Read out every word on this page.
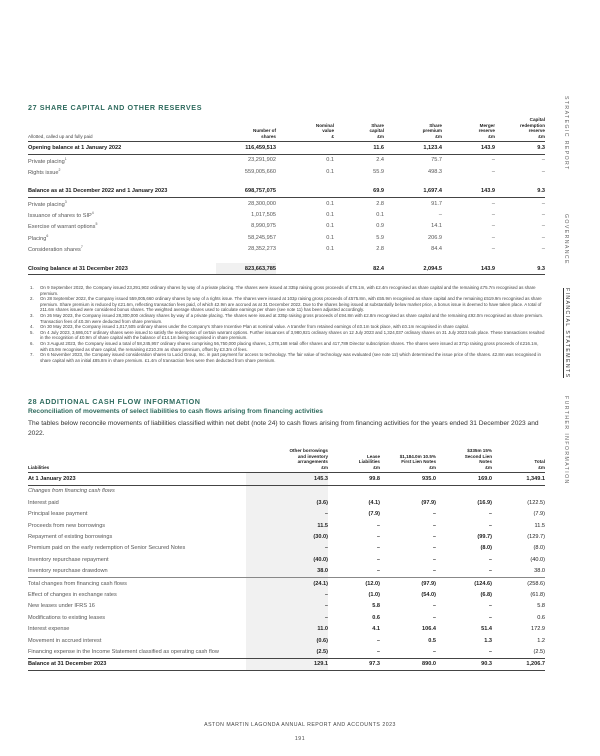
27 SHARE CAPITAL AND OTHER RESERVES
Allotted, called up and fully paid	Number of
shares	Nominal
value
£	Share
capital
£m	Share
premium
£m	Merger
reserve
£m	Capital
redemption
reserve
£m
Opening balance at 1 January 2022	116,459,513		11.6	1,123.4	143.9	9.3
Private placing$^1$	23,291,902	0.1	2.4	75.7	–	–
Rights issue$^2$	559,005,660	0.1	55.9	498.3	–	–

Balance as at 31 December 2022 and 1 January 2023	698,757,075		69.9	1,697.4	143.9	9.3
Private placing$^3$	28,300,000	0.1	2.8	91.7	–	–
Issuance of shares to SIP$^4$	1,017,505	0.1	0.1	–	–	–
Exercise of warrant options$^5$	8,990,975	0.1	0.9	14.1	–	–
Placing$^6$	58,245,957	0.1	5.9	206.9	–	–
Consideration shares$^7$	28,352,273	0.1	2.8	84.4	–	–

Closing balance at 31 December 2023	823,663,785		82.4	2,094.5	143.9	9.3
1.	On 9 September 2022, the Company issued 23,291,902 ordinary shares by way of a private placing. The shares were issued at 335p raising gross proceeds of £78.1m, with £2.4m recognised as share capital and the remaining £75.7m recognised as share premium.
2.	On 28 September 2022, the Company issued 559,005,660 ordinary shares by way of a rights issue. The shares were issued at 103p raising gross proceeds of £575.8m, with £55.9m recognised as share capital and the remaining £519.9m recognised as share premium. Share premium is reduced by £21.6m, reflecting transaction fees paid, of which £2.9m are accrued as at 31 December 2022. Due to the shares being issued at substantially below market price, a bonus issue is deemed to have taken place. A total of 211.6m shares issued were considered bonus shares. The weighted average shares used to calculate earnings per share (see note 11) has been adjusted accordingly.
3.	On 26 May 2023, the Company issued 28,300,000 ordinary shares by way of a private placing. The shares were issued at 335p raising gross proceeds of £94.8m with £2.8m recognised as share capital and the remaining £92.0m recognised as share premium. Transaction fees of £0.3m were deducted from share premium.
4.	On 30 May 2023, the Company issued 1,017,505 ordinary shares under the Company's Share Incentive Plan at nominal value. A transfer from retained earnings of £0.1m took place, with £0.1m recognised in share capital.
5.	On 4 July 2023, 3,686,017 ordinary shares were issued to satisfy the redemption of certain warrant options. Further issuances of 3,980,921 ordinary shares on 12 July 2023 and 1,324,037 ordinary shares on 31 July 2023 took place. These transactions resulted in the recognition of £0.9m of share capital with the balance of £14.1m being recognised in share premium.
6.	On 3 August 2023, the Company issued a total of 58,245,957 ordinary shares comprising 56,750,000 placing shares, 1,078,168 retail offer shares and 417,789 Director subscription shares. The shares were issued at 371p raising gross proceeds of £216.1m, with £5.9m recognised as share capital, the remaining £210.2m as share premium, offset by £3.3m of fees.
7.	On 6 November 2023, the Company issued consideration shares to Lucid Group, Inc. in part payment for access to technology. The fair value of technology was evaluated (see note 12) which determined the issue price of the shares. £2.8m was recognised in share capital with an initial £85.8m in share premium. £1.4m of transaction fees were then deducted from share premium.
28 ADDITIONAL CASH FLOW INFORMATION
Reconciliation of movements of select liabilities to cash flows arising from financing activities
The tables below reconcile movements of liabilities classified within net debt (note 24) to cash flows arising from financing activities for the years ended 31 December 2023 and 2022.
Liabilities	Other borrowings
and inventory
arrangements
£m	Lease
Liabilities
£m	$1,184.0m 10.5%
First Lien Notes
£m	$335m 15%
Second Lien
Notes
£m	Total
£m
At 1 January 2023	145.3	99.8	935.0	169.0	1,349.1
Changes from financing cash flows					
Interest paid	(3.6)	(4.1)	(97.9)	(16.9)	(122.5)
Principal lease payment	–	(7.9)	–	–	(7.9)
Proceeds from new borrowings	11.5	–	–	–	11.5
Repayment of existing borrowings	(30.0)	–	–	(99.7)	(129.7)
Premium paid on the early redemption of Senior Secured Notes	–	–	–	(8.0)	(8.0)
Inventory repurchase repayment	(40.0)	–	–	–	(40.0)
Inventory repurchase drawdown	38.0	–	–	–	38.0
Total changes from financing cash flows	(24.1)	(12.0)	(97.9)	(124.6)	(258.6)
Effect of changes in exchange rates	–	(1.0)	(54.0)	(6.8)	(61.8)
New leases under IFRS 16	–	5.8	–	–	5.8
Modifications to existing leases	–	0.6	–	–	0.6
Interest expense	11.0	4.1	106.4	51.4	172.9
Movement in accrued interest	(0.6)	–	0.5	1.3	1.2
Financing expense in the Income Statement classified as operating cash flow	(2.5)	–	–	–	(2.5)
Balance at 31 December 2023	129.1	97.3	890.0	90.3	1,206.7
STRATEGIC REPORT
GOVERNANCE
FINANCIAL STATEMENTS
FURTHER INFORMATION
ASTON MARTIN LAGONDA ANNUAL REPORT AND ACCOUNTS 2023
191
